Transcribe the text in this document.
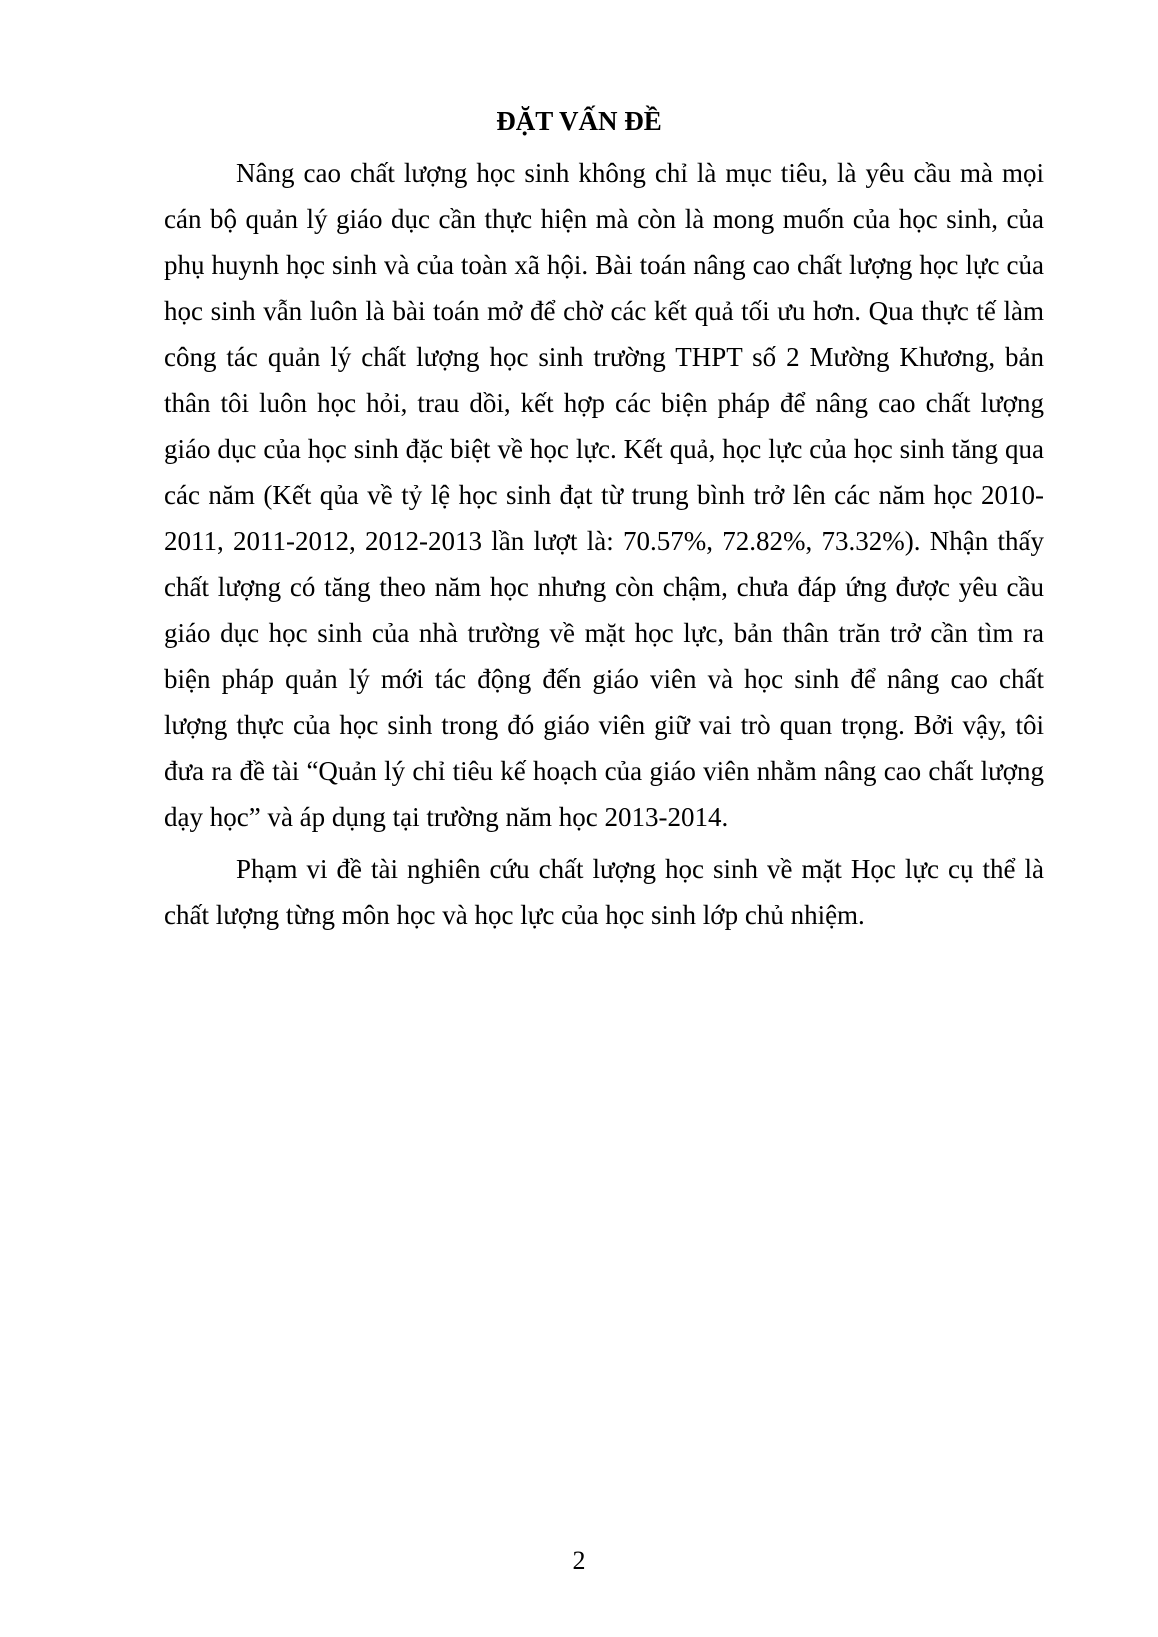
ĐẶT VẤN ĐỀ

Nâng cao chất lượng học sinh không chỉ là mục tiêu, là yêu cầu mà mọi cán bộ quản lý giáo dục cần thực hiện mà còn là mong muốn của học sinh, của phụ huynh học sinh và của toàn xã hội. Bài toán nâng cao chất lượng học lực của học sinh vẫn luôn là bài toán mở để chờ các kết quả tối ưu hơn. Qua thực tế làm công tác quản lý chất lượng học sinh trường THPT số 2 Mường Khương, bản thân tôi luôn học hỏi, trau dồi, kết hợp các biện pháp để nâng cao chất lượng giáo dục của học sinh đặc biệt về học lực. Kết quả, học lực của học sinh tăng qua các năm (Kết qủa về tỷ lệ học sinh đạt từ trung bình trở lên các năm học 2010-2011, 2011-2012, 2012-2013 lần lượt là: 70.57%, 72.82%, 73.32%). Nhận thấy chất lượng có tăng theo năm học nhưng còn chậm, chưa đáp ứng được yêu cầu giáo dục học sinh của nhà trường về mặt học lực, bản thân trăn trở cần tìm ra biện pháp quản lý mới tác động đến giáo viên và học sinh để nâng cao chất lượng thực của học sinh trong đó giáo viên giữ vai trò quan trọng. Bởi vậy, tôi đưa ra đề tài “Quản lý chỉ tiêu kế hoạch của giáo viên nhằm nâng cao chất lượng dạy học” và áp dụng tại trường năm học 2013-2014.

Phạm vi đề tài nghiên cứu chất lượng học sinh về mặt Học lực cụ thể là chất lượng từng môn học và học lực của học sinh lớp chủ nhiệm.

2
